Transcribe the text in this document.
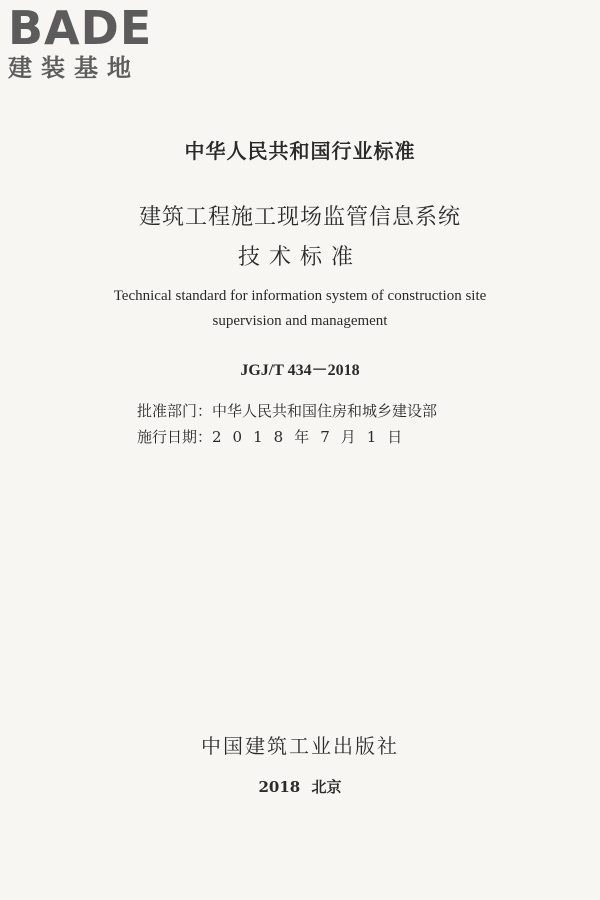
BADE
建装基地
中华人民共和国行业标准
建筑工程施工现场监管信息系统
技术标准
Technical standard for information system of construction site
supervision and management
JGJ/T 434－2018
批准部门：中华人民共和国住房和城乡建设部
施行日期：2018年7月1日
中国建筑工业出版社
2018 北京
